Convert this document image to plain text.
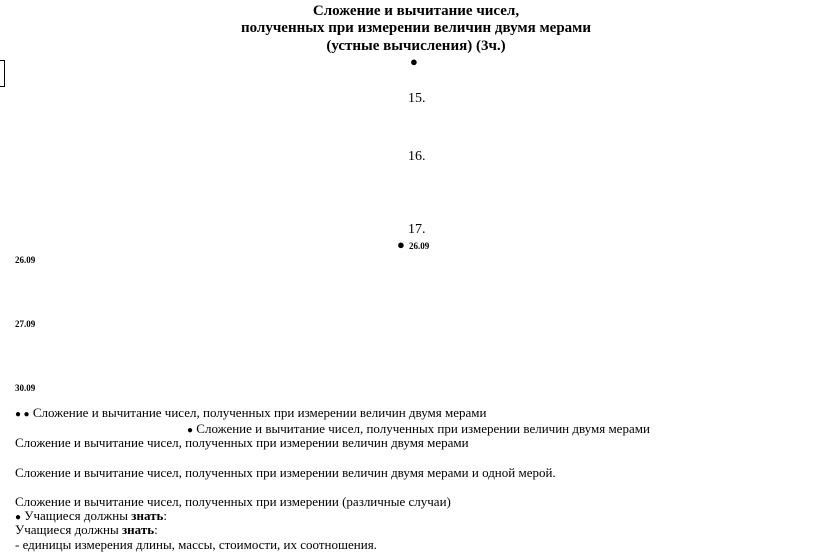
Сложение и вычитание чисел,
полученных при измерении величин двумя мерами
(устные вычисления) (3ч.)
●
15.
16.
17.
● 26.09
26.09
27.09
30.09
● ● Сложение и вычитание чисел, полученных при измерении величин двумя мерами
● Сложение и вычитание чисел, полученных при измерении величин двумя мерами
Сложение и вычитание чисел, полученных при измерении величин двумя мерами
Сложение и вычитание чисел, полученных при измерении величин двумя мерами и одной мерой.
Сложение и вычитание чисел, полученных при измерении (различные случаи)
● Учащиеся должны знать:
Учащиеся должны знать:
- единицы измерения длины, массы, стоимости, их соотношения.
